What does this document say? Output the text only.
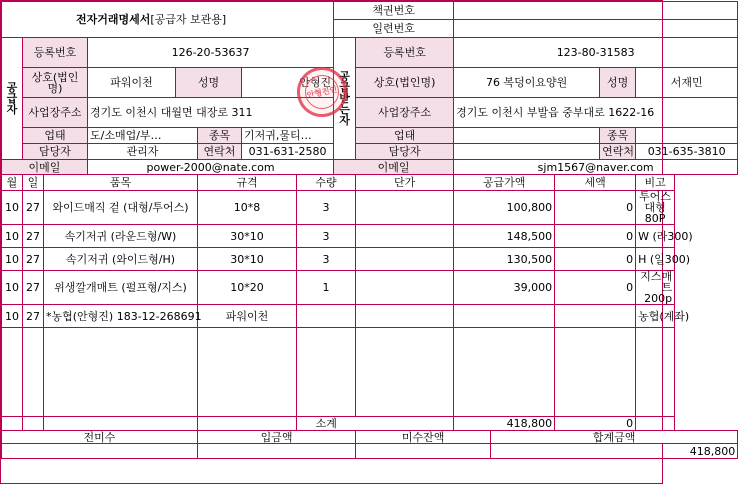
전자거래명세서[공급자 보관용]								책권번호						
								일련번호						
공급자	등록번호		126-20-53637					공급받는자	등록번호	123-80-31583				
	상호(법인명)		파워이천	성명		안형진			상호(법인명)	76 복덩이요양원			성명	서재민
	사업장주소		경기도 이천시 대월면 대장로 311						사업장주소	경기도 이천시 부발읍 중부대로 1622-16				
	업태		도/소매업/부…		종목	기저귀,물티…			업태				종목	
	담당자		관리자		연락처	031-631-2580			담당자				연락처	031-635-3810
이메일			power-2000@nate.com					이메일		sjm1567@naver.com				
월	일	품목			규격		수량		단가	공급가액		세액		비고
10	27	와이드매직 겉 (대형/투어스)			10*8		3			100,800		0		투어스 대형80P
10	27	속기저귀 (라운드형/W)			30*10		3			148,500		0		W (라300)
10	27	속기저귀 (와이드형/H)			30*10		3			130,500		0		H (일300)
10	27	위생깔개매트 (펄프형/지스)			10*20		1			39,000		0		지스매트 200p
10	27	*농협(안형진) 183-12-268691			파워이천									농협(계좌)

							소계			418,800		0		
전미수					입금액				미수잔액		합계금액			
											418,800			
안형진인
